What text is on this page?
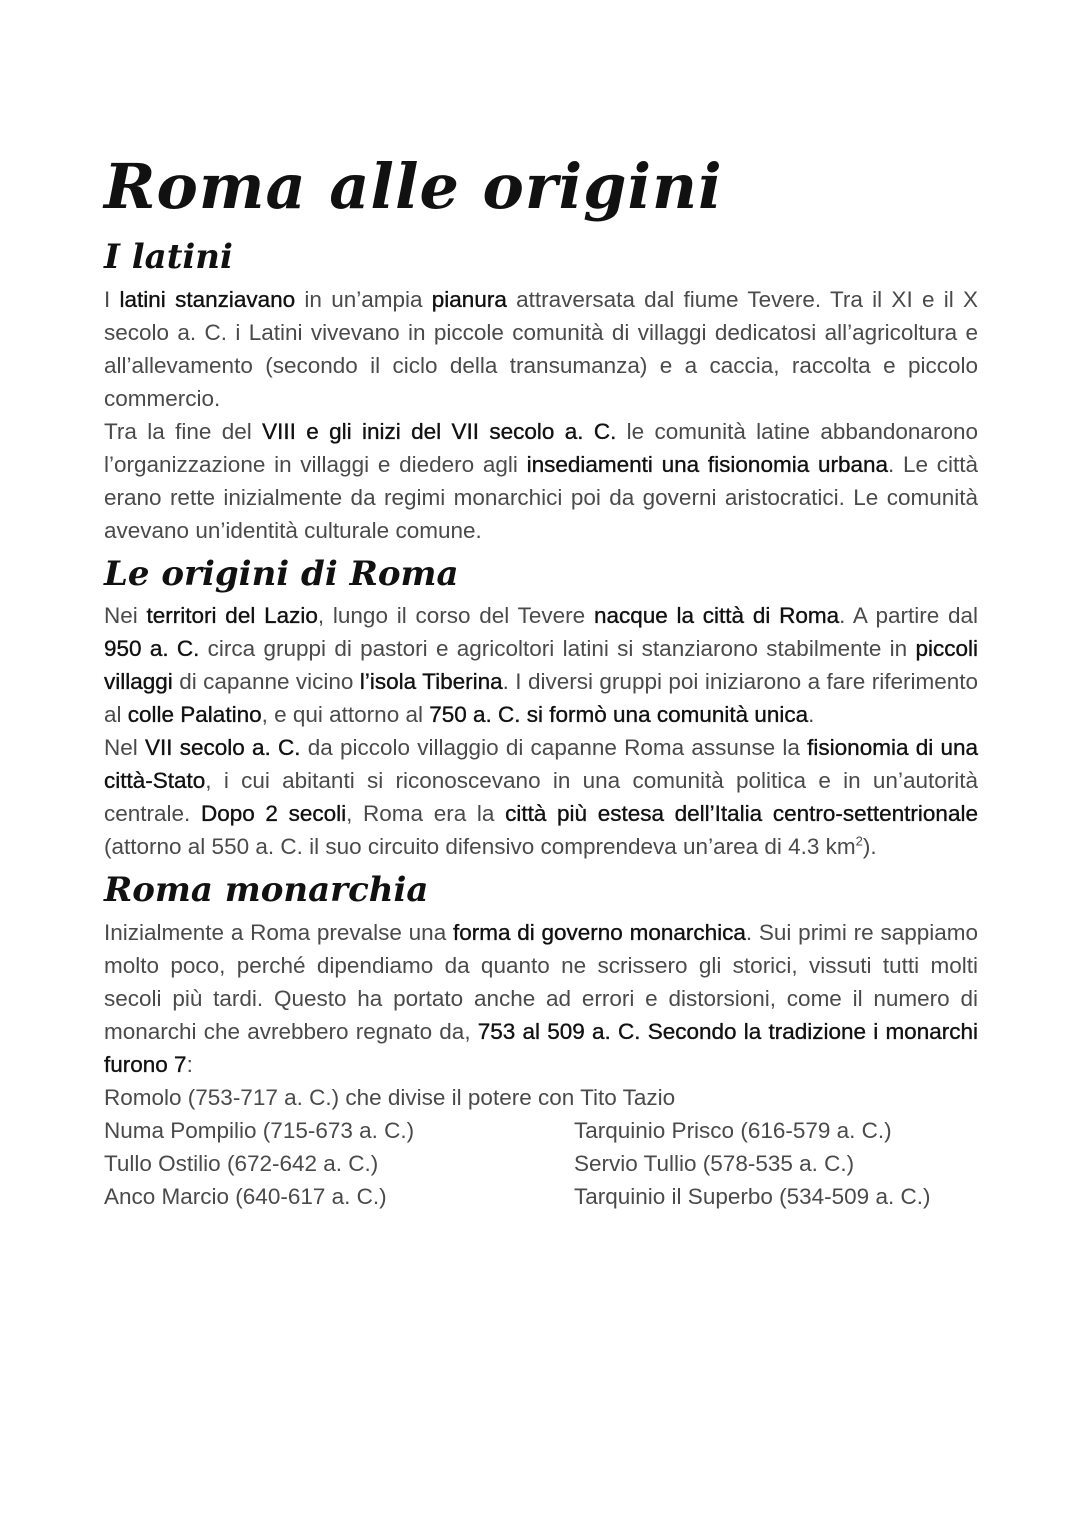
Roma alle origini
I latini

I latini stanziavano in un’ampia pianura attraversata dal fiume Tevere. Tra il XI e il X secolo a. C. i Latini vivevano in piccole comunità di villaggi dedicatosi all’agricoltura e all’allevamento (secondo il ciclo della transumanza) e a caccia, raccolta e piccolo commercio.

Tra la fine del VIII e gli inizi del VII secolo a. C. le comunità latine abbandonarono l’organizzazione in villaggi e diedero agli insediamenti una fisionomia urbana. Le città erano rette inizialmente da regimi monarchici poi da governi aristocratici. Le comunità avevano un’identità culturale comune.

Le origini di Roma

Nei territori del Lazio, lungo il corso del Tevere nacque la città di Roma. A partire dal 950 a. C. circa gruppi di pastori e agricoltori latini si stanziarono stabilmente in piccoli villaggi di capanne vicino l’isola Tiberina. I diversi gruppi poi iniziarono a fare riferimento al colle Palatino, e qui attorno al 750 a. C. si formò una comunità unica.

Nel VII secolo a. C. da piccolo villaggio di capanne Roma assunse la fisionomia di una città-Stato, i cui abitanti si riconoscevano in una comunità politica e in un’autorità centrale. Dopo 2 secoli, Roma era la città più estesa dell’Italia centro-settentrionale (attorno al 550 a. C. il suo circuito difensivo comprendeva un’area di 4.3 $km^2$).

Roma monarchia

Inizialmente a Roma prevalse una forma di governo monarchica. Sui primi re sappiamo molto poco, perché dipendiamo da quanto ne scrissero gli storici, vissuti tutti molti secoli più tardi. Questo ha portato anche ad errori e distorsioni, come il numero di monarchi che avrebbero regnato da, 753 al 509 a. C. Secondo la tradizione i monarchi furono 7:

Romolo (753-717 a. C.) che divise il potere con Tito Tazio
Numa Pompilio (715-673 a. C.)	Tarquinio Prisco (616-579 a. C.)
Tullo Ostilio (672-642 a. C.)	Servio Tullio (578-535 a. C.)
Anco Marcio (640-617 a. C.)	Tarquinio il Superbo (534-509 a. C.)
